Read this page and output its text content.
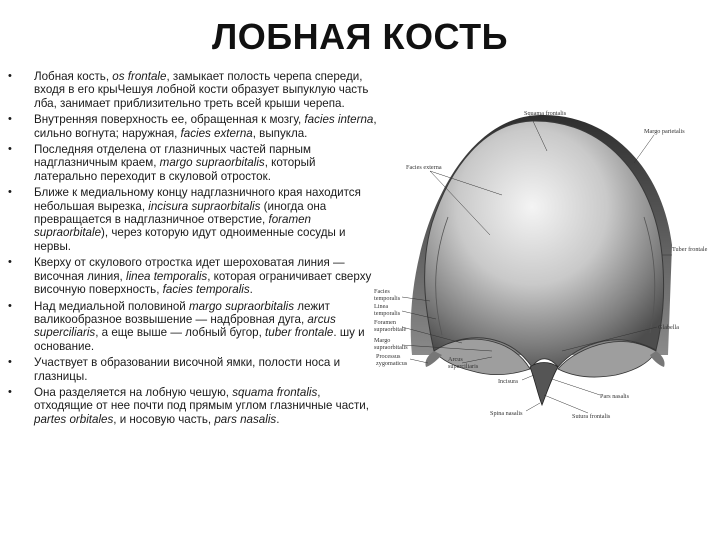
ЛОБНАЯ КОСТЬ
• Лобная кость, os frontale, замыкает полость черепа спереди, входя в его крыЧешуя лобной кости образует выпуклую часть лба, занимает приблизительно треть всей крыши черепа.
• Внутренняя поверхность ее, обращенная к мозгу, facies interna, сильно вогнута; наружная, facies externa, выпукла.
• Последняя отделена от глазничных частей парным надглазничным краем, margo supraorbitalis, который латерально переходит в скуловой отросток.
• Ближе к медиальному концу надглазничного края находится небольшая вырезка, incisura supraorbitalis (иногда она превращается в надглазничное отверстие, foramen supraorbitale), через которую идут одноименные сосуды и нервы.
• Кверху от скулового отростка идет шероховатая линия — височная линия, linea temporalis, которая ограничивает сверху височную поверхность, facies temporalis.
• Над медиальной половиной margo supraorbitalis лежит валикообразное возвышение — надбровная дуга, arcus superciliaris, а еще выше — лобный бугор, tuber frontale. шу и основание.
• Участвует в образовании височной ямки, полости носа и глазницы.
• Она разделяется на лобную чешую, squama frontalis, отходящие от нее почти под прямым углом глазничные части, partes orbitales, и носовую часть, pars nasalis.
Squama frontalis
Margo parietalis
Facies externa
Tuber frontale
Facies
temporalis
Linea
temporalis
Foramen
supraorbitale
Margo
supraorbitalis
Glabella
Processus
zygomaticus
Arcus
superciliaris
Incisura
Spina nasalis
Pars nasalis
Sutura frontalis
